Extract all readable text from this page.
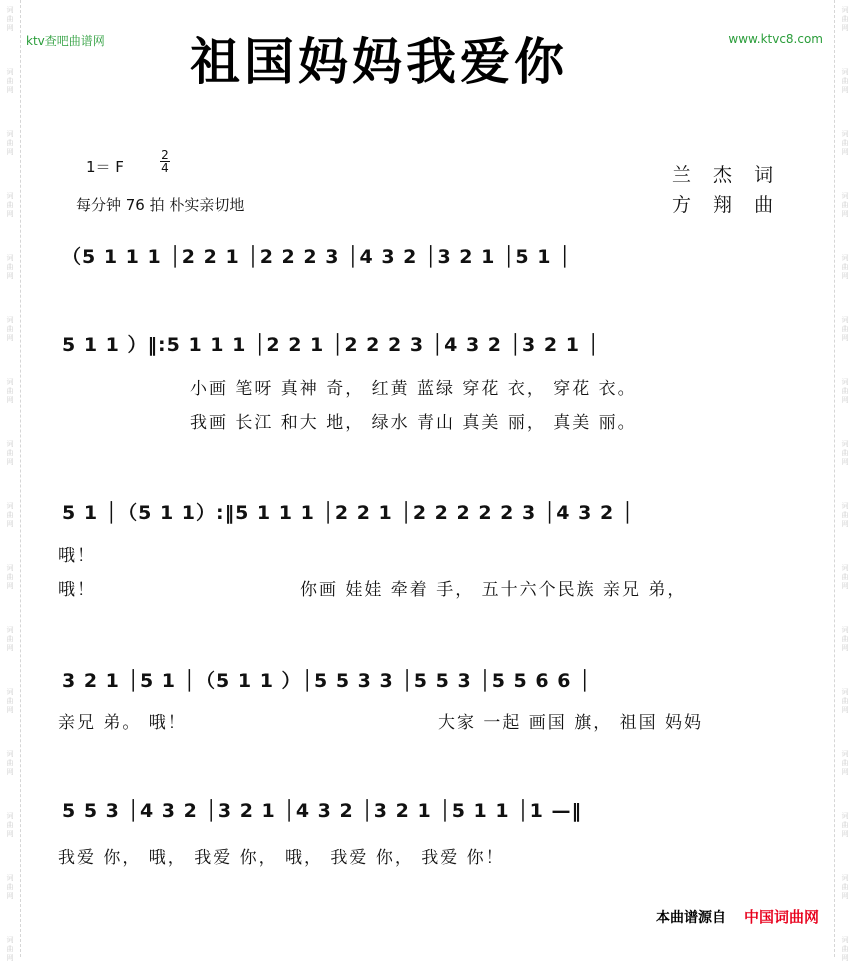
词
曲
网
词
曲
网
词
曲
网
词
曲
网
词
曲
网
词
曲
网
词
曲
网
词
曲
网
词
曲
网
词
曲
网
词
曲
网
词
曲
网
词
曲
网
词
曲
网
词
曲
网
词
曲
网
词
曲
网
词
曲
网
词
曲
网
词
曲
网
词
曲
网
词
曲
网
词
曲
网
词
曲
网
词
曲
网
词
曲
网
词
曲
网
词
曲
网
词
曲
网
词
曲
网
词
曲
网
词
曲
网
ktv查吧曲谱网	www.ktvc8.com
祖国妈妈我爱你
1＝ F
2
4
每分钟 76 拍 朴实亲切地
兰 杰 词
方 翔 曲
（5 1 1 1 │2 2 1 │2 2 2 3 │4 3 2 │3 2 1 │5 1 │
5 1 1 ）‖:5 1 1 1 │2 2 1 │2 2 2 3 │4 3 2 │3 2 1 │
小画 笔呀 真神 奇， 红黄 蓝绿 穿花 衣， 穿花 衣。
我画 长江 和大 地， 绿水 青山 真美 丽， 真美 丽。
5 1 │（5 1 1）:‖5 1 1 1 │2 2 1 │2 2 2 2 2 3 │4 3 2 │
哦！
哦！	你画 娃娃 牵着 手， 五十六个民族 亲兄 弟，
3 2 1 │5 1 │（5 1 1 ）│5 5 3 3 │5 5 3 │5 5 6 6 │
亲兄 弟。 哦！	大家 一起 画国 旗， 祖国 妈妈
5 5 3 │4 3 2 │3 2 1 │4 3 2 │3 2 1 │5 1 1 │1 —‖
我爱 你， 哦， 我爱 你， 哦， 我爱 你， 我爱 你！
本曲谱源自 中国词曲网
